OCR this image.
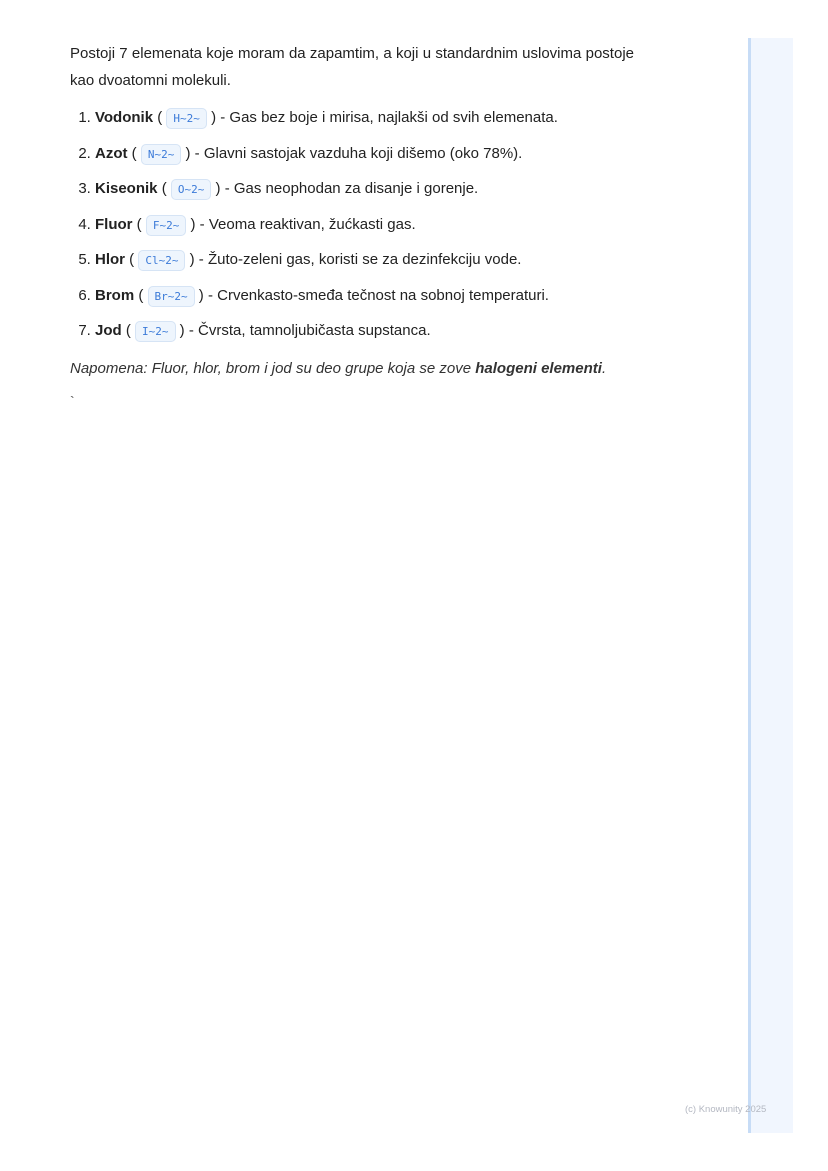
Postoji 7 elemenata koje moram da zapamtim, a koji u standardnim uslovima postoje kao dvoatomni molekuli.

1. Vodonik ( H~2~ ) - Gas bez boje i mirisa, najlakši od svih elemenata.
2. Azot ( N~2~ ) - Glavni sastojak vazduha koji dišemo (oko 78%).
3. Kiseonik ( O~2~ ) - Gas neophodan za disanje i gorenje.
4. Fluor ( F~2~ ) - Veoma reaktivan, žućkasti gas.
5. Hlor ( Cl~2~ ) - Žuto-zeleni gas, koristi se za dezinfekciju vode.
6. Brom ( Br~2~ ) - Crvenkasto-smeđa tečnost na sobnoj temperaturi.
7. Jod ( I~2~ ) - Čvrsta, tamnoljubičasta supstanca.

Napomena: Fluor, hlor, brom i jod su deo grupe koja se zove halogeni elementi.

`
(c) Knowunity 2025
